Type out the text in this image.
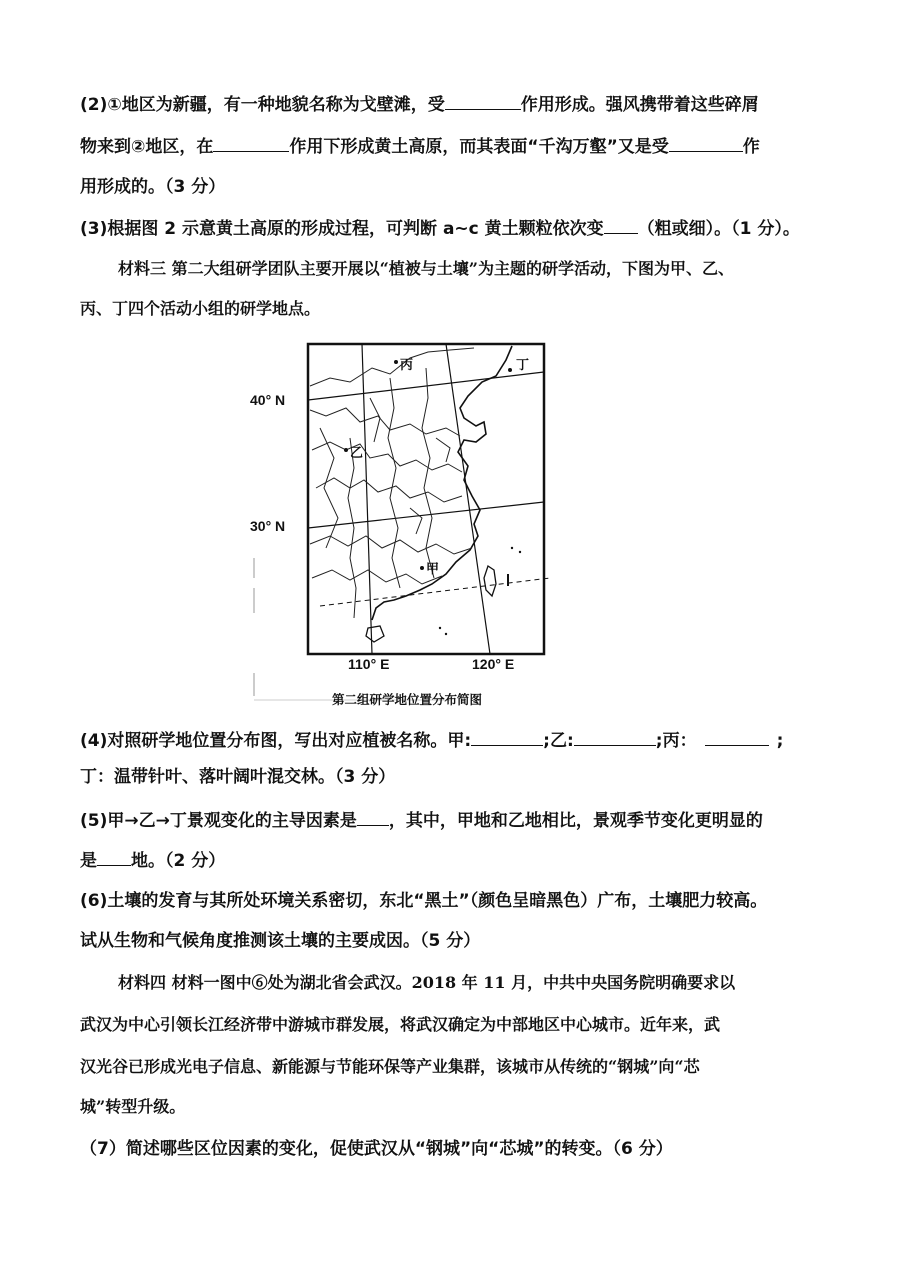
(2)①地区为新疆，有一种地貌名称为戈壁滩，受	作用形成。强风携带着这些碎屑
物来到②地区，在	作用下形成黄土高原，而其表面“千沟万壑”又是受	作
用形成的。（3 分）
(3)根据图 2 示意黄土高原的形成过程，可判断 a~c 黄土颗粒依次变 （粗或细）。（1 分）。
材料三 第二大组研学团队主要开展以“植被与土壤”为主题的研学活动，下图为甲、乙、
丙、丁四个活动小组的研学地点。
40° N
30° N
110° E	120° E
丙
乙
甲
丁
第二组研学地位置分布简图
(4)对照研学地位置分布图，写出对应植被名称。甲:	;乙:	;丙：	;
丁：温带针叶、落叶阔叶混交林。（3 分）
(5)甲→乙→丁景观变化的主导因素是 ，其中，甲地和乙地相比，景观季节变化更明显的
是 地。（2 分）
(6)土壤的发育与其所处环境关系密切，东北“黑土”（颜色呈暗黑色）广布，土壤肥力较高。
试从生物和气候角度推测该土壤的主要成因。（5 分）
材料四 材料一图中⑥处为湖北省会武汉。2018 年 11 月，中共中央国务院明确要求以
武汉为中心引领长江经济带中游城市群发展，将武汉确定为中部地区中心城市。近年来，武
汉光谷已形成光电子信息、新能源与节能环保等产业集群，该城市从传统的“钢城”向“芯
城”转型升级。
（7）简述哪些区位因素的变化，促使武汉从“钢城”向“芯城”的转变。（6 分）
